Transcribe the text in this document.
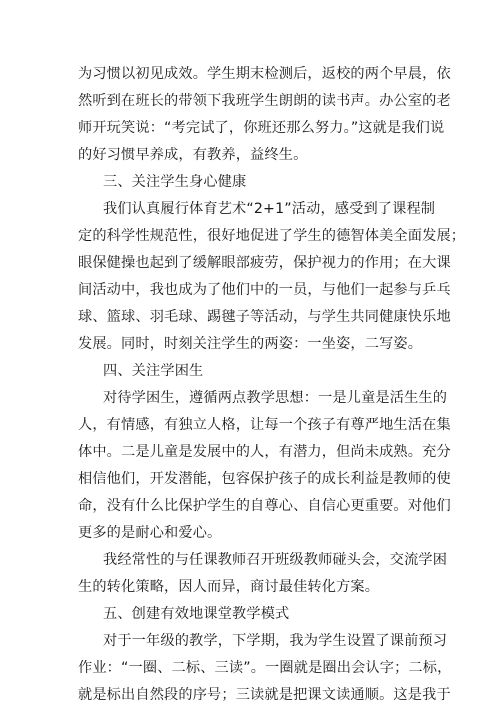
为习惯以初见成效。学生期末检测后，返校的两个早晨，依
然听到在班长的带领下我班学生朗朗的读书声。办公室的老
师开玩笑说：“考完试了，你班还那么努力。”这就是我们说
的好习惯早养成，有教养，益终生。
三、关注学生身心健康
我们认真履行体育艺术“2+1”活动，感受到了课程制
定的科学性规范性，很好地促进了学生的德智体美全面发展；
眼保健操也起到了缓解眼部疲劳，保护视力的作用；在大课
间活动中，我也成为了他们中的一员，与他们一起参与乒乓
球、篮球、羽毛球、踢毽子等活动，与学生共同健康快乐地
发展。同时，时刻关注学生的两姿：一坐姿，二写姿。
四、关注学困生
对待学困生，遵循两点教学思想：一是儿童是活生生的
人，有情感，有独立人格，让每一个孩子有尊严地生活在集
体中。二是儿童是发展中的人，有潜力，但尚未成熟。充分
相信他们，开发潜能，包容保护孩子的成长利益是教师的使
命，没有什么比保护学生的自尊心、自信心更重要。对他们
更多的是耐心和爱心。
我经常性的与任课教师召开班级教师碰头会，交流学困
生的转化策略，因人而异，商讨最佳转化方案。
五、创建有效地课堂教学模式
对于一年级的教学，下学期，我为学生设置了课前预习
作业：“一圈、二标、三读”。一圈就是圈出会认字；二标，
就是标出自然段的序号；三读就是把课文读通顺。这是我于
